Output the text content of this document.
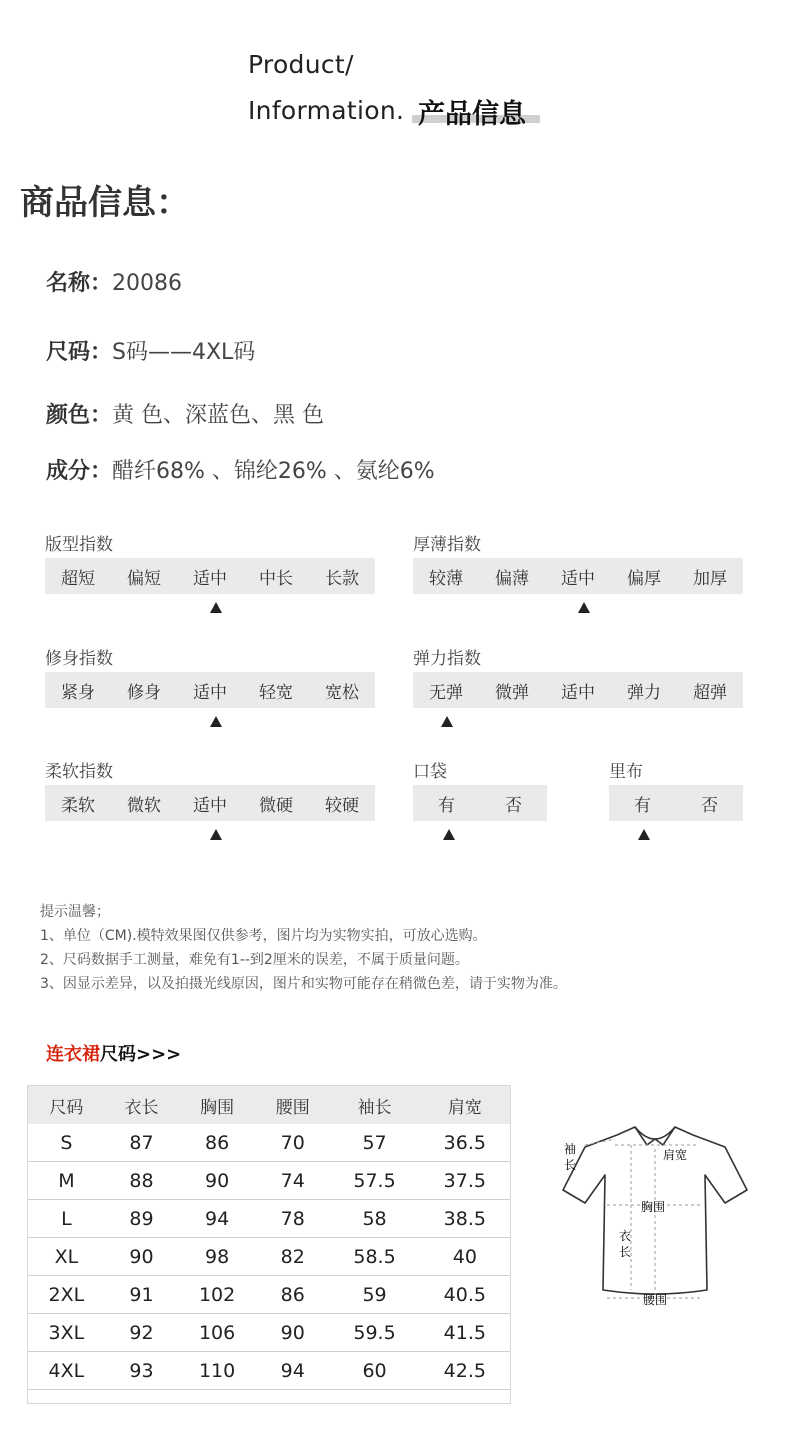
Product/
Information. 产品信息
商品信息：
名称：20086
尺码：S码——4XL码
颜色：黄 色、深蓝色、黑 色
成分：醋纤68% 、锦纶26% 、氨纶6%
版型指数
超短	偏短	适中	中长	长款
厚薄指数
较薄	偏薄	适中	偏厚	加厚
修身指数
紧身	修身	适中	轻宽	宽松
弹力指数
无弹	微弹	适中	弹力	超弹
柔软指数
柔软	微软	适中	微硬	较硬
口袋
有	否
里布
有	否
提示温馨；
1、单位（CM).模特效果图仅供参考，图片均为实物实拍，可放心选购。
2、尺码数据手工测量，难免有1--到2厘米的误差，不属于质量问题。
3、因显示差异，以及拍摄光线原因，图片和实物可能存在稍微色差，请于实物为准。
连衣裙尺码>>>
尺码	衣长	胸围	腰围	袖长	肩宽
S	87	86	70	57	36.5
M	88	90	74	57.5	37.5
L	89	94	78	58	38.5
XL	90	98	82	58.5	40
2XL	91	102	86	59	40.5
3XL	92	106	90	59.5	41.5
4XL	93	110	94	60	42.5
袖
长
肩宽
胸围
衣
长
腰围
